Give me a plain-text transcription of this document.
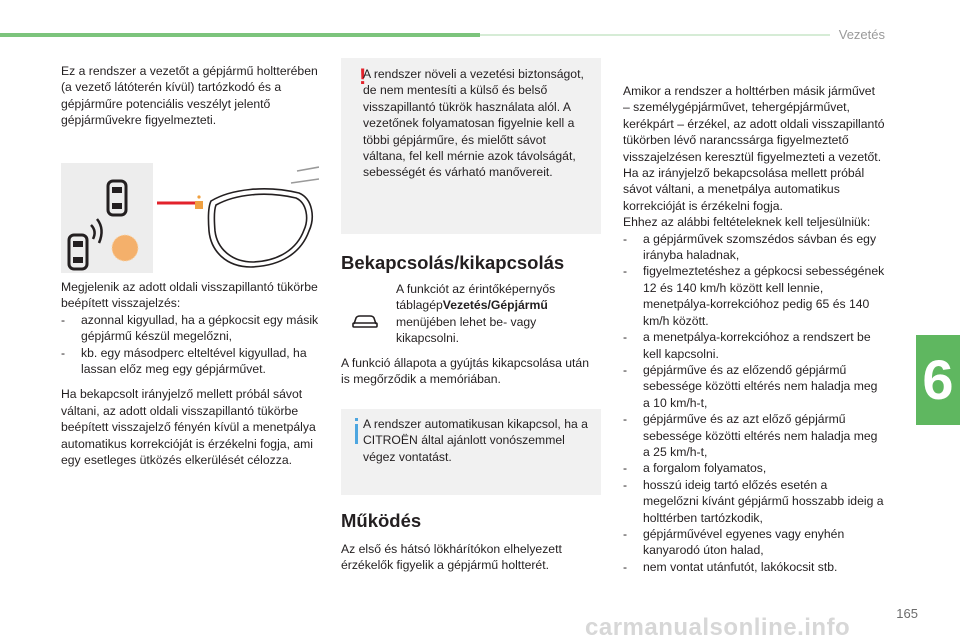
Vezetés
6
165
carmanualsonline.info

Ez a rendszer a vezetőt a gépjármű holtterében (a vezető látóterén kívül) tartózkodó és a gépjárműre potenciális veszélyt jelentő gépjárművekre figyelmezteti.

Megjelenik az adott oldali visszapillantó tükörbe beépített visszajelzés:

- azonnal kigyullad, ha a gépkocsit egy másik gépjármű készül megelőzni,
- kb. egy másodperc elteltével kigyullad, ha lassan előz meg egy gépjárművet.

Ha bekapcsolt irányjelző mellett próbál sávot váltani, az adott oldali visszapillantó tükörbe beépített visszajelző fényén kívül a menetpálya automatikus korrekcióját is érzékelni fogja, ami egy esetleges ütközés elkerülését célozza.

!

A rendszer növeli a vezetési biztonságot, de nem mentesíti a külső és belső visszapillantó tükrök használata alól. A vezetőnek folyamatosan figyelnie kell a többi gépjárműre, és mielőtt sávot váltana, fel kell mérnie azok távolságát, sebességét és várható manővereit.

Bekapcsolás/kikapcsolás

A funkciót az érintőképernyős táblagépVezetés/Gépjármű menüjében lehet be- vagy kikapcsolni.

A funkció állapota a gyújtás kikapcsolása után is megőrződik a memóriában.

A rendszer automatikusan kikapcsol, ha a CITROËN által ajánlott vonószemmel végez vontatást.

Működés

Az első és hátsó lökhárítókon elhelyezett érzékelők figyelik a gépjármű holtterét.

Amikor a rendszer a holttérben másik járművet – személygépjárművet, tehergépjárművet, kerékpárt – érzékel, az adott oldali visszapillantó tükörben lévő narancssárga figyelmeztető visszajelzésen keresztül figyelmezteti a vezetőt.

Ha az irányjelző bekapcsolása mellett próbál sávot váltani, a menetpálya automatikus korrekcióját is érzékelni fogja.

Ehhez az alábbi feltételeknek kell teljesülniük:

- a gépjárművek szomszédos sávban és egy irányba haladnak,
- figyelmeztetéshez a gépkocsi sebességének 12 és 140 km/h között kell lennie, menetpálya-korrekcióhoz pedig 65 és 140 km/h között.
- a menetpálya-korrekcióhoz a rendszert be kell kapcsolni.
- gépjárműve és az előzendő gépjármű sebessége közötti eltérés nem haladja meg a 10 km/h-t,
- gépjárműve és az azt előző gépjármű sebessége közötti eltérés nem haladja meg a 25 km/h-t,
- a forgalom folyamatos,
- hosszú ideig tartó előzés esetén a megelőzni kívánt gépjármű hosszabb ideig a holttérben tartózkodik,
- gépjárművével egyenes vagy enyhén kanyarodó úton halad,
- nem vontat utánfutót, lakókocsit stb.
